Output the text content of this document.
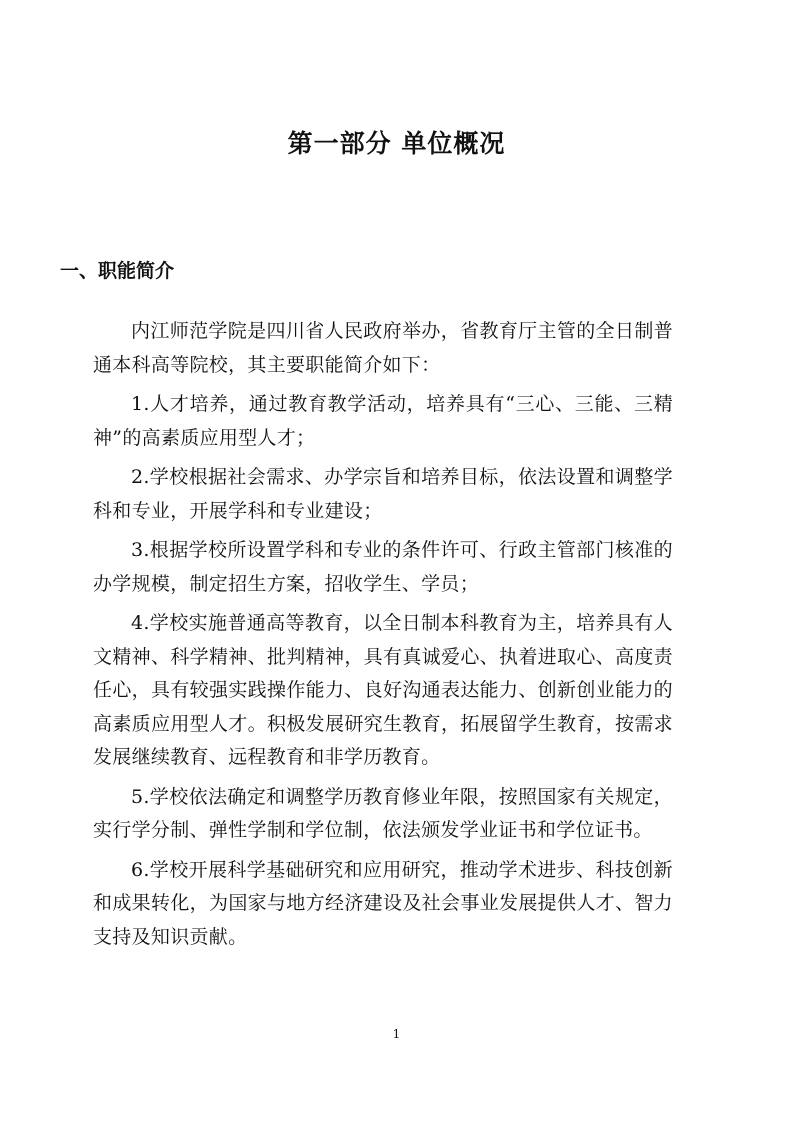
第一部分 单位概况
一、职能简介

内江师范学院是四川省人民政府举办，省教育厅主管的全日制普通本科高等院校，其主要职能简介如下：

1.人才培养，通过教育教学活动，培养具有“三心、三能、三精神”的高素质应用型人才；

2.学校根据社会需求、办学宗旨和培养目标，依法设置和调整学科和专业，开展学科和专业建设；

3.根据学校所设置学科和专业的条件许可、行政主管部门核准的办学规模，制定招生方案，招收学生、学员；

4.学校实施普通高等教育，以全日制本科教育为主，培养具有人文精神、科学精神、批判精神，具有真诚爱心、执着进取心、高度责任心，具有较强实践操作能力、良好沟通表达能力、创新创业能力的高素质应用型人才。积极发展研究生教育，拓展留学生教育，按需求发展继续教育、远程教育和非学历教育。

5.学校依法确定和调整学历教育修业年限，按照国家有关规定，实行学分制、弹性学制和学位制，依法颁发学业证书和学位证书。

6.学校开展科学基础研究和应用研究，推动学术进步、科技创新和成果转化，为国家与地方经济建设及社会事业发展提供人才、智力支持及知识贡献。

1
